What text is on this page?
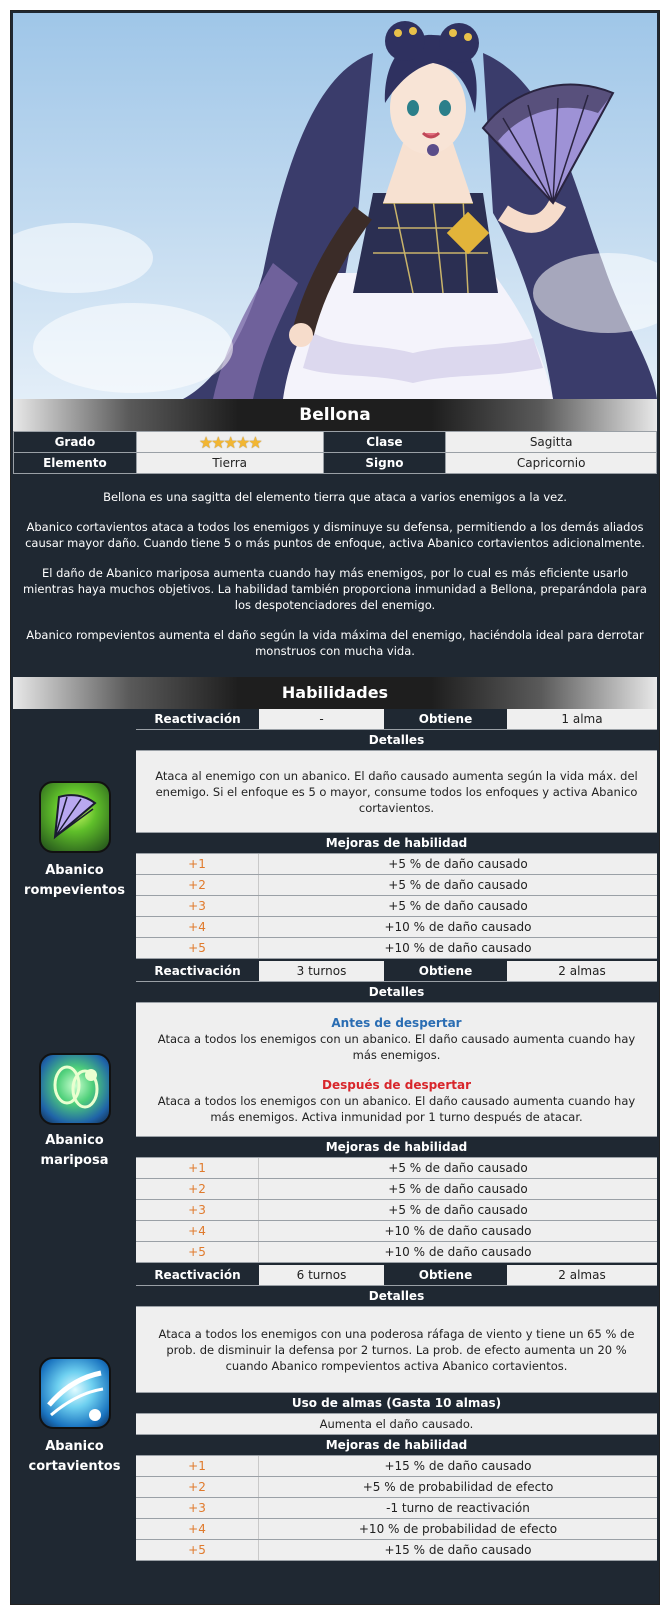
Bellona
Grado	★★★★★	Clase	Sagitta
Elemento	Tierra	Signo	Capricornio

Bellona es una sagitta del elemento tierra que ataca a varios enemigos a la vez.

Abanico cortavientos ataca a todos los enemigos y disminuye su defensa, permitiendo a los demás aliados causar mayor daño. Cuando tiene 5 o más puntos de enfoque, activa Abanico cortavientos adicionalmente.

El daño de Abanico mariposa aumenta cuando hay más enemigos, por lo cual es más eficiente usarlo mientras haya muchos objetivos. La habilidad también proporciona inmunidad a Bellona, preparándola para los despotenciadores del enemigo.

Abanico rompevientos aumenta el daño según la vida máxima del enemigo, haciéndola ideal para derrotar monstruos con mucha vida.

Habilidades
Abanico
rompevientos
Reactivación	-	Obtiene	1 alma
Detalles
Ataca al enemigo con un abanico. El daño causado aumenta según la vida máx. del enemigo. Si el enfoque es 5 o mayor, consume todos los enfoques y activa Abanico cortavientos.
Mejoras de habilidad
+1	+5 % de daño causado
+2	+5 % de daño causado
+3	+5 % de daño causado
+4	+10 % de daño causado
+5	+10 % de daño causado
Abanico
mariposa
Reactivación	3 turnos	Obtiene	2 almas
Detalles
Antes de despertar
Ataca a todos los enemigos con un abanico. El daño causado aumenta cuando hay más enemigos.
Después de despertar
Ataca a todos los enemigos con un abanico. El daño causado aumenta cuando hay más enemigos. Activa inmunidad por 1 turno después de atacar.
Mejoras de habilidad
+1	+5 % de daño causado
+2	+5 % de daño causado
+3	+5 % de daño causado
+4	+10 % de daño causado
+5	+10 % de daño causado
Abanico
cortavientos
Reactivación	6 turnos	Obtiene	2 almas
Detalles
Ataca a todos los enemigos con una poderosa ráfaga de viento y tiene un 65 % de prob. de disminuir la defensa por 2 turnos. La prob. de efecto aumenta un 20 % cuando Abanico rompevientos activa Abanico cortavientos.
Uso de almas (Gasta 10 almas)
Aumenta el daño causado.
Mejoras de habilidad
+1	+15 % de daño causado
+2	+5 % de probabilidad de efecto
+3	-1 turno de reactivación
+4	+10 % de probabilidad de efecto
+5	+15 % de daño causado
